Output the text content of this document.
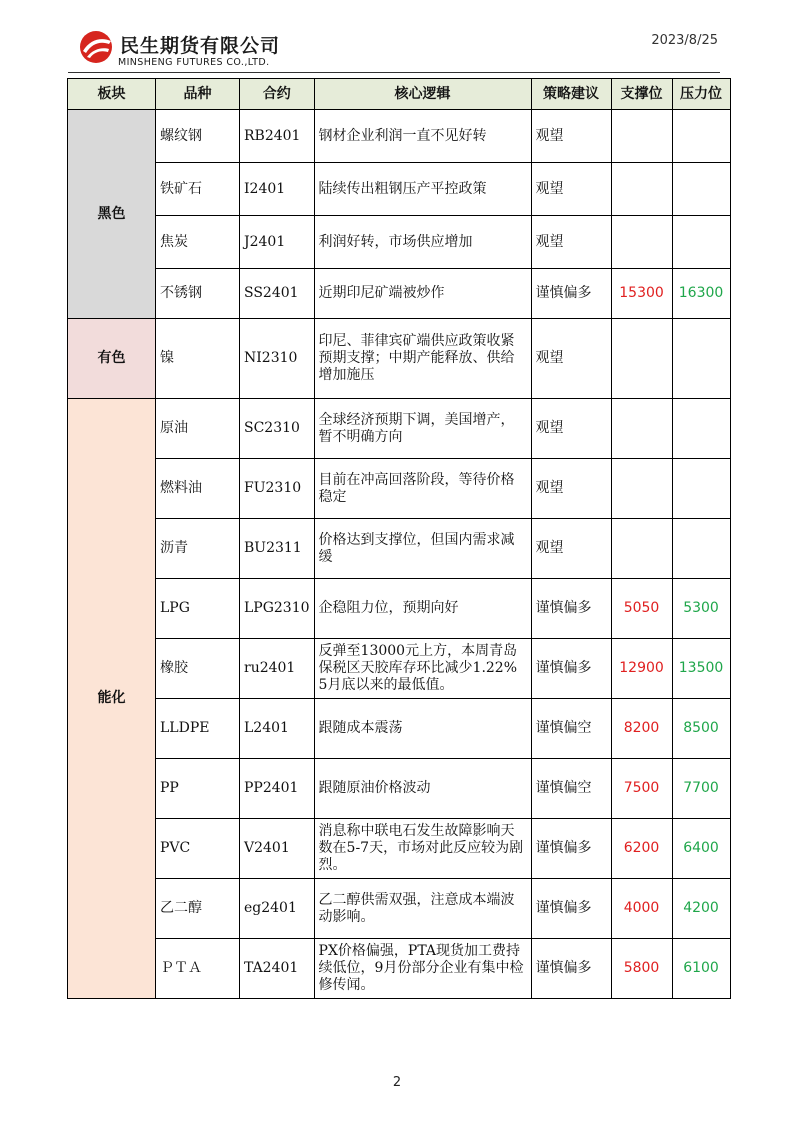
民生期货有限公司
MINSHENG FUTURES CO.,LTD.
2023/8/25
板块	品种	合约	核心逻辑	策略建议	支撑位	压力位
黑色	螺纹钢	RB2401	钢材企业利润一直不见好转	观望		
	铁矿石	I2401	陆续传出粗钢压产平控政策	观望		
	焦炭	J2401	利润好转，市场供应增加	观望		
	不锈钢	SS2401	近期印尼矿端被炒作	谨慎偏多	15300	16300
有色	镍	NI2310	印尼、菲律宾矿端供应政策收紧预期支撑；中期产能释放、供给增加施压	观望		
能化	原油	SC2310	全球经济预期下调，美国增产，暂不明确方向	观望		
	燃料油	FU2310	目前在冲高回落阶段，等待价格稳定	观望		
	沥青	BU2311	价格达到支撑位，但国内需求减缓	观望		
	LPG	LPG2310	企稳阻力位，预期向好	谨慎偏多	5050	5300
	橡胶	ru2401	反弹至13000元上方，本周青岛保税区天胶库存环比减少1.22% 5月底以来的最低值。	谨慎偏多	12900	13500
	LLDPE	L2401	跟随成本震荡	谨慎偏空	8200	8500
	PP	PP2401	跟随原油价格波动	谨慎偏空	7500	7700
	PVC	V2401	消息称中联电石发生故障影响天数在5-7天，市场对此反应较为剧烈。	谨慎偏多	6200	6400
	乙二醇	eg2401	乙二醇供需双强，注意成本端波动影响。	谨慎偏多	4000	4200
	ＰＴＡ	TA2401	PX价格偏强，PTA现货加工费持续低位，9月份部分企业有集中检修传闻。	谨慎偏多	5800	6100
2
